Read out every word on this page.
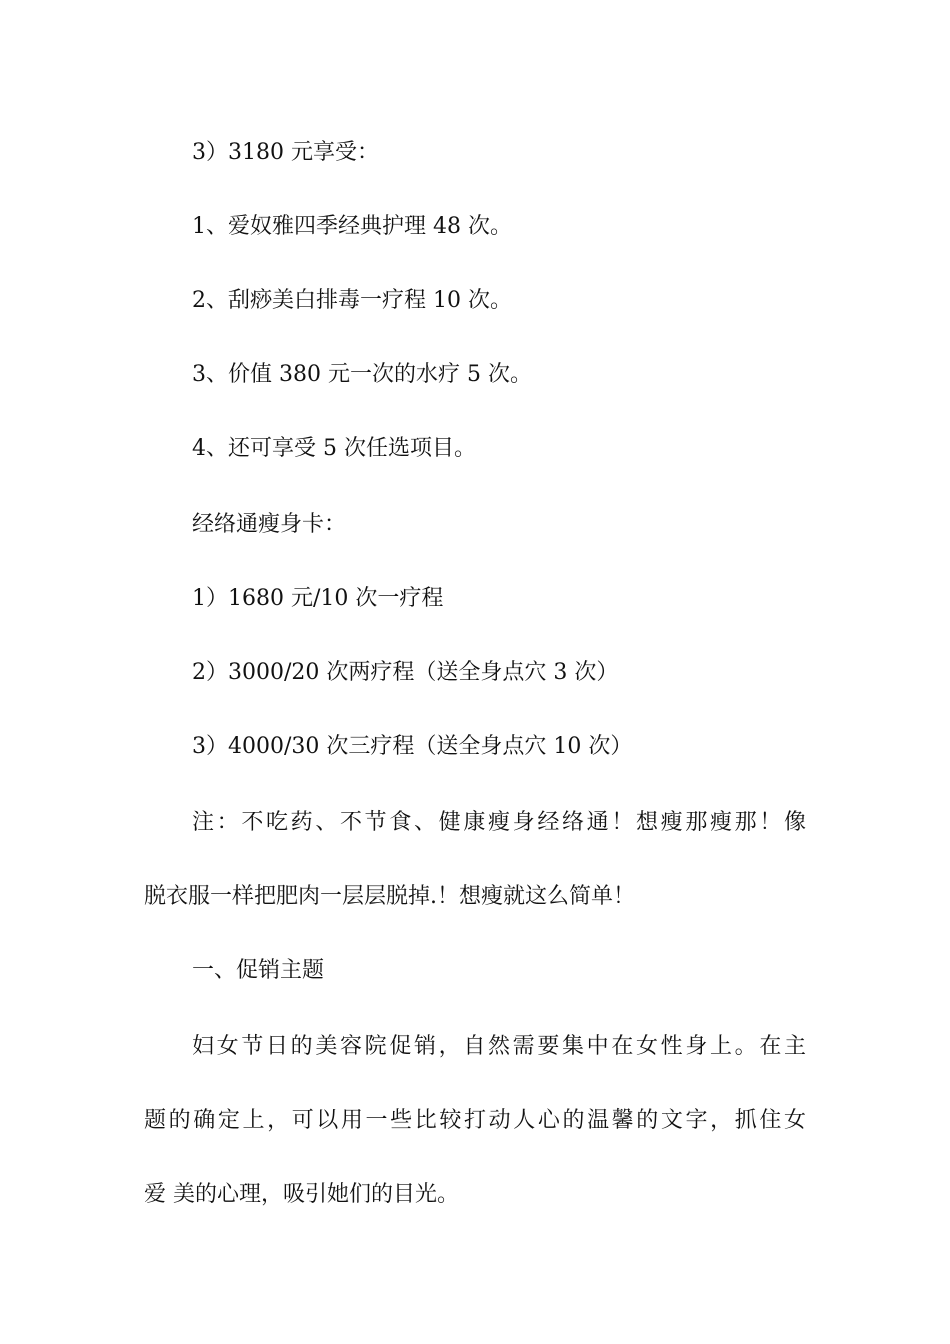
3）3180 元享受：
1、爱奴雅四季经典护理 48 次。
2、刮痧美白排毒一疗程 10 次。
3、价值 380 元一次的水疗 5 次。
4、还可享受 5 次任选项目。
经络通瘦身卡：
1）1680 元/10 次一疗程
2）3000/20 次两疗程（送全身点穴 3 次）
3）4000/30 次三疗程（送全身点穴 10 次）
注：不吃药、不节食、健康瘦身经络通！想瘦那瘦那！像
脱衣服一样把肥肉一层层脱掉.！想瘦就这么简单！
一、促销主题
妇女节日的美容院促销，自然需要集中在女性身上。在主
题的确定上，可以用一些比较打动人心的温馨的文字，抓住女
爱 美的心理，吸引她们的目光。
